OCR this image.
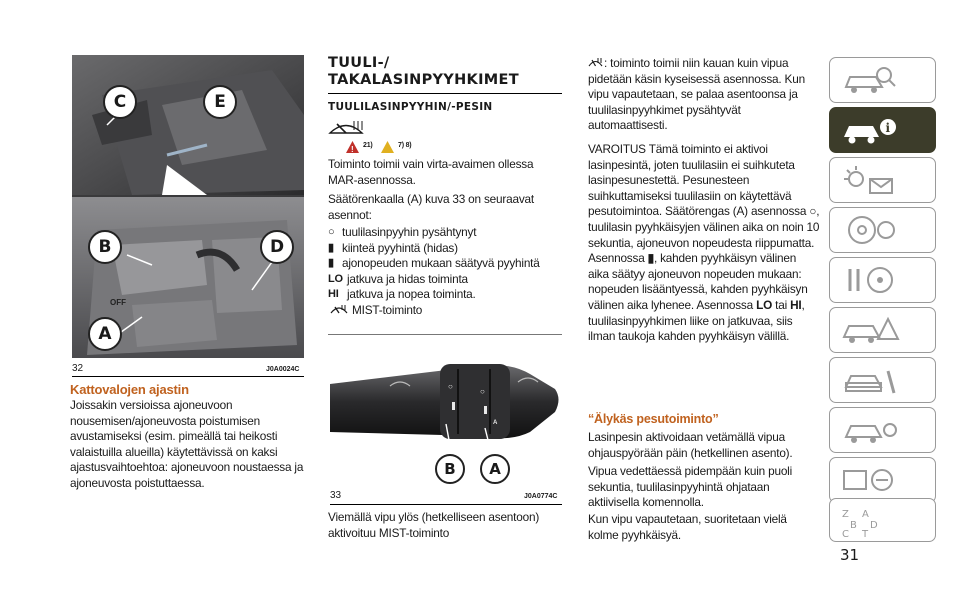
OFF
C	E
B	D
A
32	J0A0024C

Kattovalojen ajastin

Joissakin versioissa ajoneuvoon nousemisen/ajoneuvosta poistumisen avustamiseksi (esim. pimeällä tai heikosti valaistuilla alueilla) käytettävissä on kaksi ajastusvaihtoehtoa: ajoneuvoon noustaessa ja ajoneuvosta poistuttaessa.

TUULI-/
TAKALASINPYYHKIMET
TUULILASINPYYHIN/-PESIN
! 21)	7) 8)

Toiminto toimii vain virta-avaimen ollessa MAR-asennossa.

Säätörenkaalla (A) kuva 33 on seuraavat asennot:

○ tuulilasinpyyhin pysähtynyt
▮ kiinteä pyyhintä (hidas)
▮ ajonopeuden mukaan säätyvä pyyhintä
LO jatkuva ja hidas toiminta
HI jatkuva ja nopea toiminta.
MIST-toiminto
○
○
A
B	A
33	J0A0774C

Viemällä vipu ylös (hetkelliseen asentoon) aktivoituu MIST-toiminto

: toiminto toimii niin kauan kuin vipua pidetään käsin kyseisessä asennossa. Kun vipu vapautetaan, se palaa asentoonsa ja tuulilasinpyyhkimet pysähtyvät automaattisesti.

VAROITUS Tämä toiminto ei aktivoi lasinpesintä, joten tuulilasiin ei suihkuteta lasinpesunestettä. Pesunesteen suihkuttamiseksi tuulilasiin on käytettävä pesutoimintoa. Säätörengas (A) asennossa ○, tuulilasin pyyhkäisyjen välinen aika on noin 10 sekuntia, ajoneuvon nopeudesta riippumatta. Asennossa ▮, kahden pyyhkäisyn välinen aika säätyy ajoneuvon nopeuden mukaan: nopeuden lisääntyessä, kahden pyyhkäisyn välinen aika lyhenee. Asennossa LO tai HI, tuulilasinpyyhkimen liike on jatkuvaa, siis ilman taukoja kahden pyyhkäisyn välillä.

“Älykäs pesutoiminto”

Lasinpesin aktivoidaan vetämällä vipua ohjauspyörään päin (hetkellinen asento).

Vipua vedettäessä pidempään kuin puoli sekuntia, tuulilasinpyyhintä ohjataan aktiivisella komennolla.

Kun vipu vapautetaan, suoritetaan vielä kolme pyyhkäisyä.

i
Z A
B D
C T
31
